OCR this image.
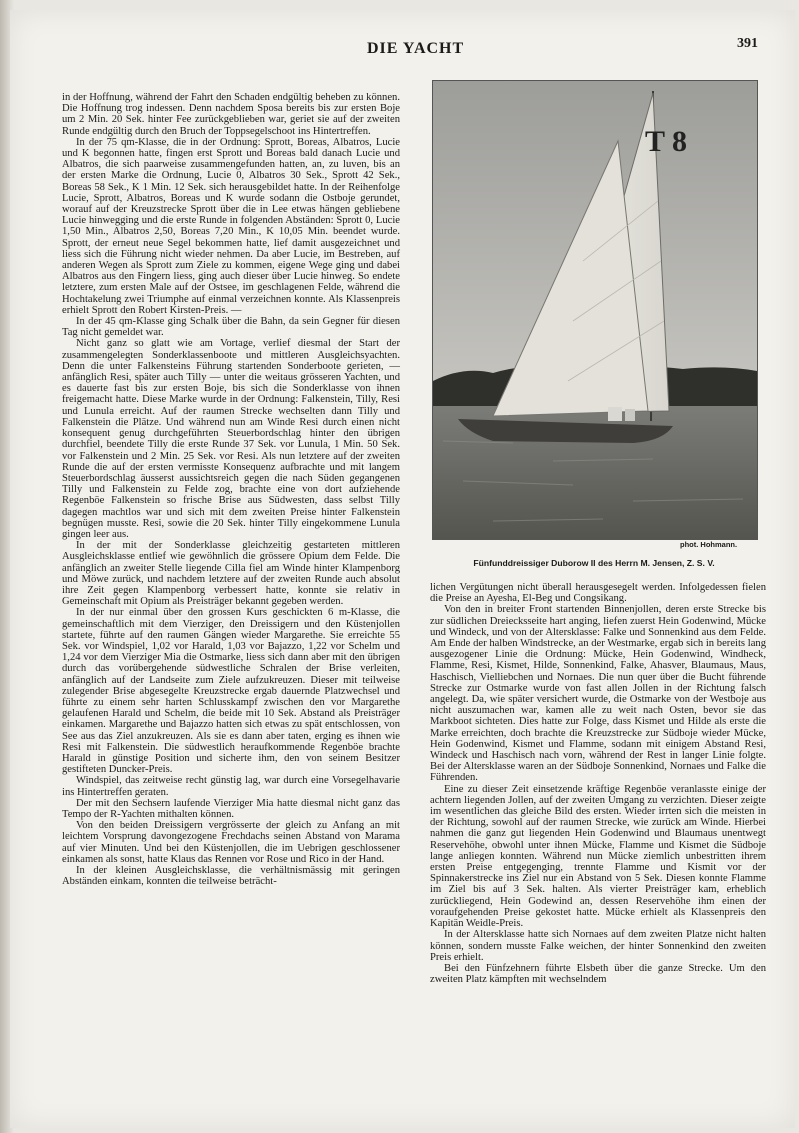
DIE YACHT	391

in der Hoffnung, während der Fahrt den Schaden endgültig beheben zu können. Die Hoffnung trog indessen. Denn nachdem Sposa bereits bis zur ersten Boje um 2 Min. 20 Sek. hinter Fee zurückgeblieben war, geriet sie auf der zweiten Runde endgültig durch den Bruch der Toppsegelschoot ins Hintertreffen.

In der 75 qm-Klasse, die in der Ordnung: Sprott, Boreas, Albatros, Lucie und K begonnen hatte, fingen erst Sprott und Boreas bald danach Lucie und Albatros, die sich paarweise zusammengefunden hatten, an, zu luven, bis an der ersten Marke die Ordnung, Lucie 0, Albatros 30 Sek., Sprott 42 Sek., Boreas 58 Sek., K 1 Min. 12 Sek. sich herausgebildet hatte. In der Reihenfolge Lucie, Sprott, Albatros, Boreas und K wurde sodann die Ostboje gerundet, worauf auf der Kreuzstrecke Sprott über die in Lee etwas hängen gebliebene Lucie hinwegging und die erste Runde in folgenden Abständen: Sprott 0, Lucie 1,50 Min., Albatros 2,50, Boreas 7,20 Min., K 10,05 Min. beendet wurde. Sprott, der erneut neue Segel bekommen hatte, lief damit ausgezeichnet und liess sich die Führung nicht wieder nehmen. Da aber Lucie, im Bestreben, auf anderen Wegen als Sprott zum Ziele zu kommen, eigene Wege ging und dabei Albatros aus den Fingern liess, ging auch dieser über Lucie hinweg. So endete letztere, zum ersten Male auf der Ostsee, im geschlagenen Felde, während die Hochtakelung zwei Triumphe auf einmal verzeichnen konnte. Als Klassenpreis erhielt Sprott den Robert Kirsten-Preis. —

In der 45 qm-Klasse ging Schalk über die Bahn, da sein Gegner für diesen Tag nicht gemeldet war.

Nicht ganz so glatt wie am Vortage, verlief diesmal der Start der zusammengelegten Sonderklassenboote und mittleren Ausgleichsyachten. Denn die unter Falkensteins Führung startenden Sonderboote gerieten, — anfänglich Resi, später auch Tilly — unter die weitaus grösseren Yachten, und es dauerte fast bis zur ersten Boje, bis sich die Sonderklasse von ihnen freigemacht hatte. Diese Marke wurde in der Ordnung: Falkenstein, Tilly, Resi und Lunula erreicht. Auf der raumen Strecke wechselten dann Tilly und Falkenstein die Plätze. Und während nun am Winde Resi durch einen nicht konsequent genug durchgeführten Steuerbordschlag hinter den übrigen durchfiel, beendete Tilly die erste Runde 37 Sek. vor Lunula, 1 Min. 50 Sek. vor Falkenstein und 2 Min. 25 Sek. vor Resi. Als nun letztere auf der zweiten Runde die auf der ersten vermisste Konsequenz aufbrachte und mit langem Steuerbordschlag äusserst aussichtsreich gegen die nach Süden gegangenen Tilly und Falkenstein zu Felde zog, brachte eine von dort aufziehende Regenböe Falkenstein so frische Brise aus Südwesten, dass selbst Tilly dagegen machtlos war und sich mit dem zweiten Preise hinter Falkenstein begnügen musste. Resi, sowie die 20 Sek. hinter Tilly eingekommene Lunula gingen leer aus.

In der mit der Sonderklasse gleichzeitig gestarteten mittleren Ausgleichsklasse entlief wie gewöhnlich die grössere Opium dem Felde. Die anfänglich an zweiter Stelle liegende Cilla fiel am Winde hinter Klampenborg und Möwe zurück, und nachdem letztere auf der zweiten Runde auch absolut ihre Zeit gegen Klampenborg verbessert hatte, konnte sie relativ in Gemeinschaft mit Opium als Preisträger bekannt gegeben werden.

In der nur einmal über den grossen Kurs geschickten 6 m-Klasse, die gemeinschaftlich mit dem Vierziger, den Dreissigern und den Küstenjollen startete, führte auf den raumen Gängen wieder Margarethe. Sie erreichte 55 Sek. vor Windspiel, 1,02 vor Harald, 1,03 vor Bajazzo, 1,22 vor Schelm und 1,24 vor dem Vierziger Mia die Ostmarke, liess sich dann aber mit den übrigen durch das vorübergehende südwestliche Schralen der Brise verleiten, anfänglich auf der Landseite zum Ziele aufzukreuzen. Dieser mit teilweise zulegender Brise abgesegelte Kreuzstrecke ergab dauernde Platzwechsel und führte zu einem sehr harten Schlusskampf zwischen den vor Margarethe gelaufenen Harald und Schelm, die beide mit 10 Sek. Abstand als Preisträger einkamen. Margarethe und Bajazzo hatten sich etwas zu spät entschlossen, von See aus das Ziel anzukreuzen. Als sie es dann aber taten, erging es ihnen wie Resi mit Falkenstein. Die südwestlich heraufkommende Regenböe brachte Harald in günstige Position und sicherte ihm, den von seinem Besitzer gestifteten Duncker-Preis.

Windspiel, das zeitweise recht günstig lag, war durch eine Vorsegelhavarie ins Hintertreffen geraten.

Der mit den Sechsern laufende Vierziger Mia hatte diesmal nicht ganz das Tempo der R-Yachten mithalten können.

Von den beiden Dreissigern vergrösserte der gleich zu Anfang an mit leichtem Vorsprung davongezogene Frechdachs seinen Abstand von Marama auf vier Minuten. Und bei den Küstenjollen, die im Uebrigen geschlossener einkamen als sonst, hatte Klaus das Rennen vor Rose und Rico in der Hand.

In der kleinen Ausgleichsklasse, die verhältnismässig mit geringen Abständen einkam, konnten die teilweise beträcht-

T 8
phot. Hohmann.
Fünfunddreissiger Duborow II des Herrn M. Jensen, Z. S. V.

lichen Vergütungen nicht überall herausgesegelt werden. Infolgedessen fielen die Preise an Ayesha, El-Beg und Congsikang.

Von den in breiter Front startenden Binnenjollen, deren erste Strecke bis zur südlichen Dreiecksseite hart anging, liefen zuerst Hein Godenwind, Mücke und Windeck, und von der Altersklasse: Falke und Sonnenkind aus dem Felde. Am Ende der halben Windstrecke, an der Westmarke, ergab sich in bereits lang ausgezogener Linie die Ordnung: Mücke, Hein Godenwind, Windheck, Flamme, Resi, Kismet, Hilde, Sonnenkind, Falke, Ahasver, Blaumaus, Maus, Haschisch, Vielliebchen und Nornaes. Die nun quer über die Bucht führende Strecke zur Ostmarke wurde von fast allen Jollen in der Richtung falsch angelegt. Da, wie später versichert wurde, die Ostmarke von der Westboje aus nicht auszumachen war, kamen alle zu weit nach Osten, bevor sie das Markboot sichteten. Dies hatte zur Folge, dass Kismet und Hilde als erste die Marke erreichten, doch brachte die Kreuzstrecke zur Südboje wieder Mücke, Hein Godenwind, Kismet und Flamme, sodann mit einigem Abstand Resi, Windeck und Haschisch nach vorn, während der Rest in langer Linie folgte. Bei der Altersklasse waren an der Südboje Sonnenkind, Nornaes und Falke die Führenden.

Eine zu dieser Zeit einsetzende kräftige Regenböe veranlasste einige der achtern liegenden Jollen, auf der zweiten Umgang zu verzichten. Dieser zeigte im wesentlichen das gleiche Bild des ersten. Wieder irrten sich die meisten in der Richtung, sowohl auf der raumen Strecke, wie zurück am Winde. Hierbei nahmen die ganz gut liegenden Hein Godenwind und Blaumaus unentwegt Reservehöhe, obwohl unter ihnen Mücke, Flamme und Kismet die Südboje lange anliegen konnten. Während nun Mücke ziemlich unbestritten ihrem ersten Preise entgegenging, trennte Flamme und Kismit vor der Spinnakerstrecke ins Ziel nur ein Abstand von 5 Sek. Diesen konnte Flamme im Ziel bis auf 3 Sek. halten. Als vierter Preisträger kam, erheblich zurückliegend, Hein Godewind an, dessen Reservehöhe ihm einen der voraufgehenden Preise gekostet hatte. Mücke erhielt als Klassenpreis den Kapitän Weidle-Preis.

In der Altersklasse hatte sich Nornaes auf dem zweiten Platze nicht halten können, sondern musste Falke weichen, der hinter Sonnenkind den zweiten Preis erhielt.

Bei den Fünfzehnern führte Elsbeth über die ganze Strecke. Um den zweiten Platz kämpften mit wechselndem
